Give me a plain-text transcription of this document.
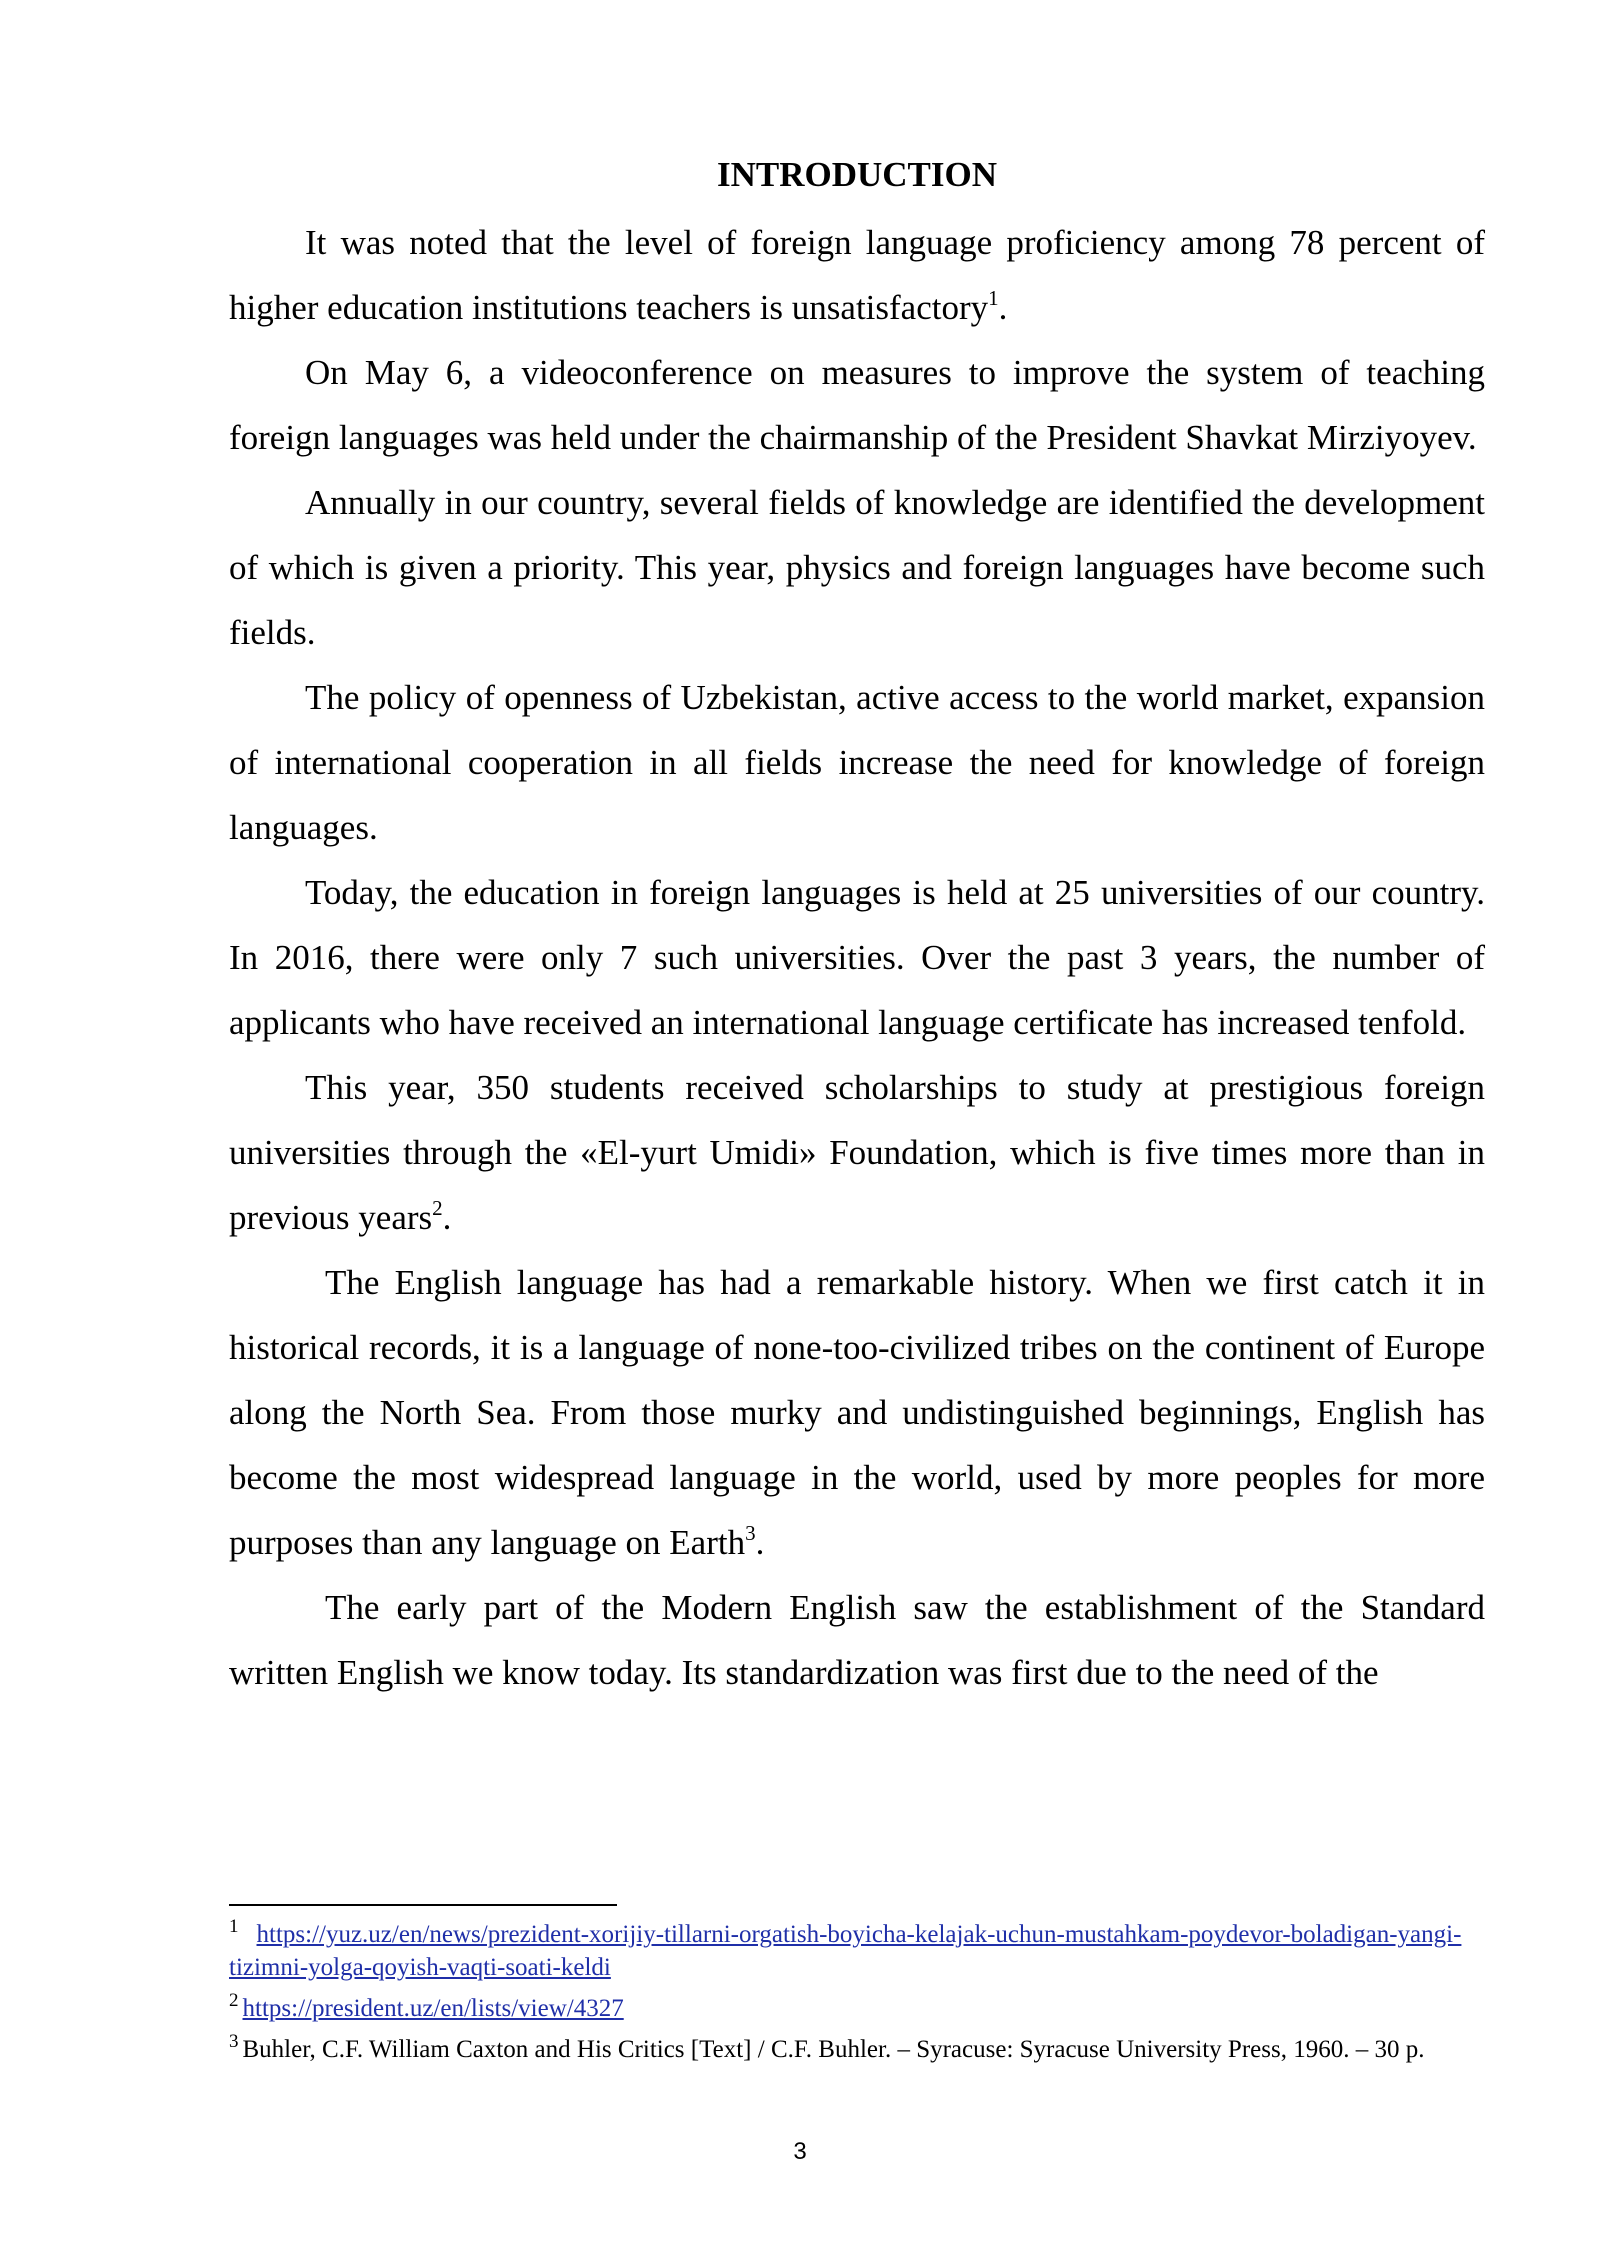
INTRODUCTION

It was noted that the level of foreign language proficiency among 78 percent of higher education institutions teachers is unsatisfactory$^1$.

On May 6, a videoconference on measures to improve the system of teaching foreign languages was held under the chairmanship of the President Shavkat Mirziyoyev.

Annually in our country, several fields of knowledge are identified the development of which is given a priority. This year, physics and foreign languages have become such fields.

The policy of openness of Uzbekistan, active access to the world market, expansion of international cooperation in all fields increase the need for knowledge of foreign languages.

Today, the education in foreign languages is held at 25 universities of our country. In 2016, there were only 7 such universities. Over the past 3 years, the number of applicants who have received an international language certificate has increased tenfold.

This year, 350 students received scholarships to study at prestigious foreign universities through the «El-yurt Umidi» Foundation, which is five times more than in previous years$^2$.

The English language has had a remarkable history. When we first catch it in historical records, it is a language of none-too-civilized tribes on the continent of Europe along the North Sea. From those murky and undistinguished beginnings, English has become the most widespread language in the world, used by more peoples for more purposes than any language on Earth$^3$.

The early part of the Modern English saw the establishment of the Standard written English we know today. Its standardization was first due to the need of the

$^1$ https://yuz.uz/en/news/prezident-xorijiy-tillarni-orgatish-boyicha-kelajak-uchun-mustahkam-poydevor-boladigan-yangi-tizimni-yolga-qoyish-vaqti-soati-keldi

$^2$ https://president.uz/en/lists/view/4327

$^3$ Buhler, C.F. William Caxton and His Critics [Text] / C.F. Buhler. – Syracuse: Syracuse University Press, 1960. – 30 p.

3
